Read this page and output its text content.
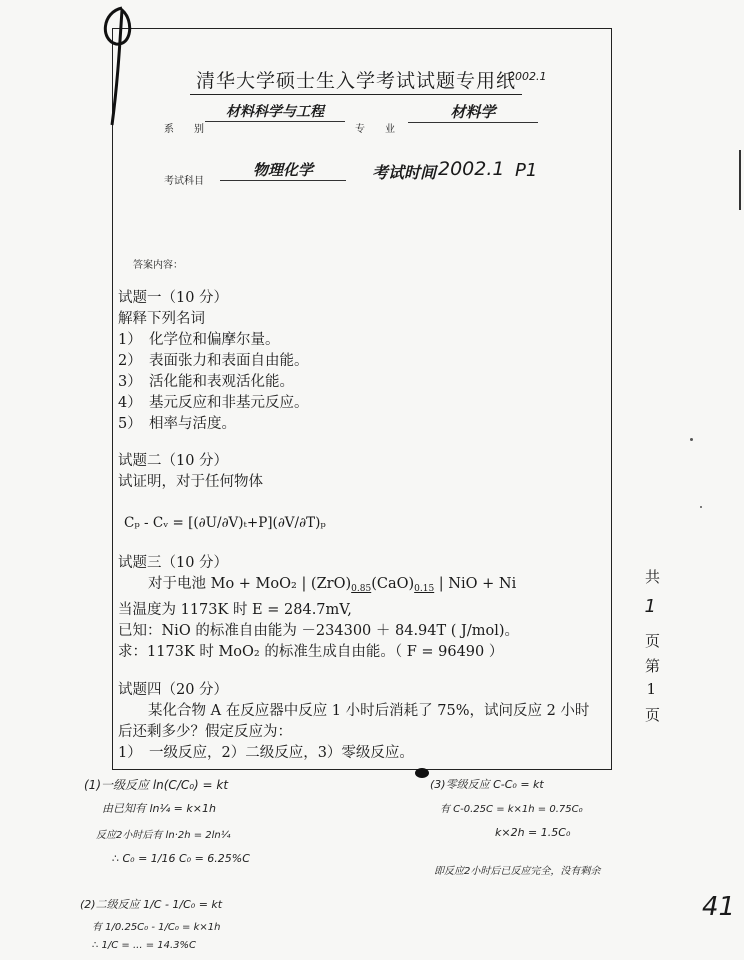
清华大学硕士生入学考试试题专用纸
2002.1
系　　别
材料科学与工程
专　　业
材料学
考试科目
物理化学	考试时间 2002.1 P1
答案内容：
试题一（10 分）
解释下列名词
1）　化学位和偏摩尔量。
2）　表面张力和表面自由能。
3）　活化能和表观活化能。
4）　基元反应和非基元反应。
5）　相率与活度。
试题二（10 分）
试证明，对于任何物体
Cₚ - Cᵥ = [(∂U/∂V)ₜ+P](∂V/∂T)ₚ
试题三（10 分）
对于电池 Mo + MoO₂ | $(ZrO)_{0.85}(CaO)_{0.15}$ | NiO + Ni
当温度为 1173K 时 E = 284.7mV,
已知：NiO 的标准自由能为 －234300 ＋ 84.94T ( J/mol)。
求：1173K 时 MoO₂ 的标准生成自由能。（ F = 96490 ）
试题四（20 分）
某化合物 A 在反应器中反应 1 小时后消耗了 75%，试问反应 2 小时
后还剩多少？假定反应为：
1）　一级反应，2）二级反应，3）零级反应。
共
1
页
第
1
页
41
(1)一级反应 ln(C/C₀) = kt
由已知有 ln¼ = k×1h
反应2小时后有 ln·2h = 2ln¼
∴ C₀ = 1/16 C₀ = 6.25%C
(3)零级反应 C-C₀ = kt
有 C-0.25C = k×1h = 0.75C₀
k×2h = 1.5C₀
即反应2小时后已反应完全，没有剩余
(2)二级反应 1/C - 1/C₀ = kt
有 1/0.25C₀ - 1/C₀ = k×1h
∴ 1/C = ... = 14.3%C
